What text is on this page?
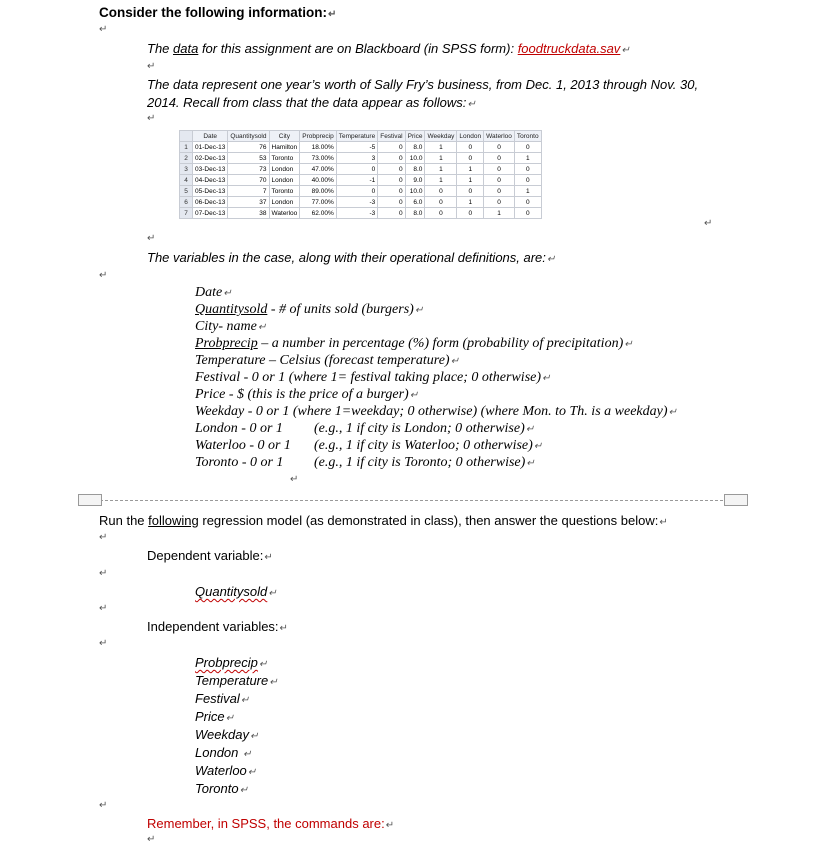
Consider the following information:↵
↵
The data for this assignment are on Blackboard (in SPSS form): foodtruckdata.sav↵
↵
The data represent one year’s worth of Sally Fry’s business, from Dec. 1, 2013 through Nov. 30,
2014. Recall from class that the data appear as follows:↵
↵
	Date	Quantitysold	City	Probprecip	Temperature	Festival	Price	Weekday	London	Waterloo	Toronto
1	01-Dec-13	76	Hamilton	18.00%	-5	0	8.0	1	0	0	0
2	02-Dec-13	53	Toronto	73.00%	3	0	10.0	1	0	0	1
3	03-Dec-13	73	London	47.00%	0	0	8.0	1	1	0	0
4	04-Dec-13	70	London	40.00%	-1	0	9.0	1	1	0	0
5	05-Dec-13	7	Toronto	89.00%	0	0	10.0	0	0	0	1
6	06-Dec-13	37	London	77.00%	-3	0	6.0	0	1	0	0
7	07-Dec-13	38	Waterloo	62.00%	-3	0	8.0	0	0	1	0
↵
↵
The variables in the case, along with their operational definitions, are:↵
↵
Date↵
Quantitysold - # of units sold (burgers)↵
City- name↵
Probprecip – a number in percentage (%) form (probability of precipitation)↵
Temperature – Celsius (forecast temperature)↵
Festival - 0 or 1 (where 1= festival taking place; 0 otherwise)↵
Price - $ (this is the price of a burger)↵
Weekday - 0 or 1 (where 1=weekday; 0 otherwise) (where Mon. to Th. is a weekday)↵
London - 0 or 1 (e.g., 1 if city is London; 0 otherwise)↵
Waterloo - 0 or 1 (e.g., 1 if city is Waterloo; 0 otherwise)↵
Toronto - 0 or 1 (e.g., 1 if city is Toronto; 0 otherwise)↵
↵
Run the following regression model (as demonstrated in class), then answer the questions below:↵
↵
Dependent variable:↵
↵
Quantitysold↵
↵
Independent variables:↵
↵
Probprecip↵
Temperature↵
Festival↵
Price↵
Weekday↵
London ↵
Waterloo↵
Toronto↵
↵
Remember, in SPSS, the commands are:↵
↵
